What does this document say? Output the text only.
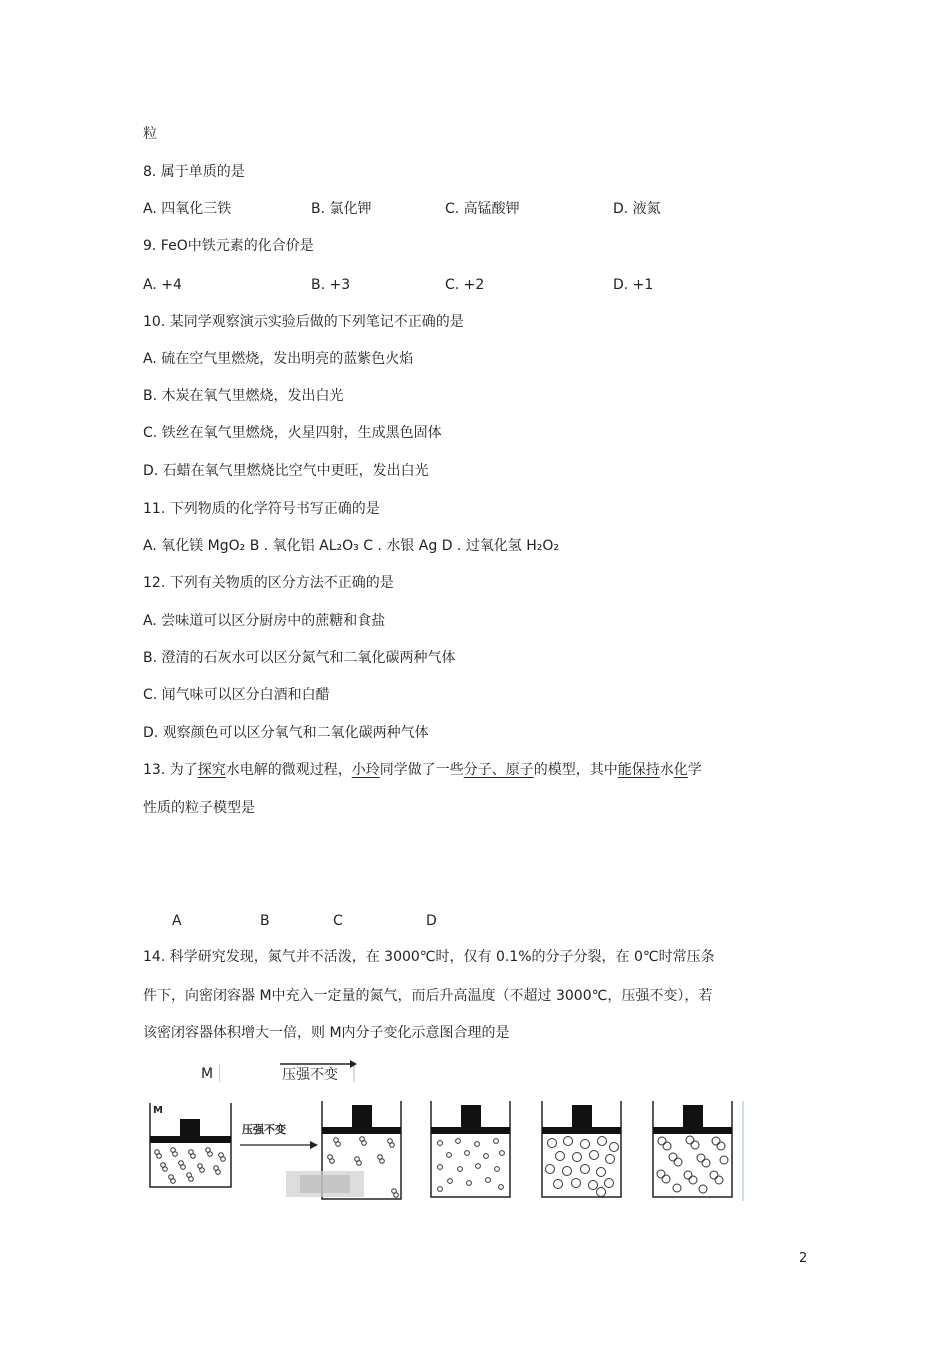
粒
8. 属于单质的是
A. 四氧化三铁	B. 氯化钾	C. 高锰酸钾	D. 液氮
9. FeO中铁元素的化合价是
A. +4	B. +3	C. +2	D. +1
10. 某同学观察演示实验后做的下列笔记不正确的是
A. 硫在空气里燃烧，发出明亮的蓝紫色火焰
B. 木炭在氧气里燃烧，发出白光
C. 铁丝在氧气里燃烧，火星四射，生成黑色固体
D. 石蜡在氧气里燃烧比空气中更旺，发出白光
11. 下列物质的化学符号书写正确的是
A. 氧化镁 MgO₂ B . 氧化铝 AL₂O₃ C . 水银 Ag D . 过氧化氢 H₂O₂
12. 下列有关物质的区分方法不正确的是
A. 尝味道可以区分厨房中的蔗糖和食盐
B. 澄清的石灰水可以区分氮气和二氧化碳两种气体
C. 闻气味可以区分白酒和白醋
D. 观察颜色可以区分氧气和二氧化碳两种气体
13. 为了探究水电解的微观过程，小玲同学做了一些分子、原子的模型，其中能保持水化学
性质的粒子模型是
A	B	C	D
14. 科学研究发现，氮气并不活泼，在 3000℃时，仅有 0.1%的分子分裂，在 0℃时常压条
件下，向密闭容器 M中充入一定量的氮气，而后升高温度（不超过 3000℃，压强不变），若
该密闭容器体积增大一倍，则 M内分子变化示意图合理的是
M	压强不变
M
压强不变
2
